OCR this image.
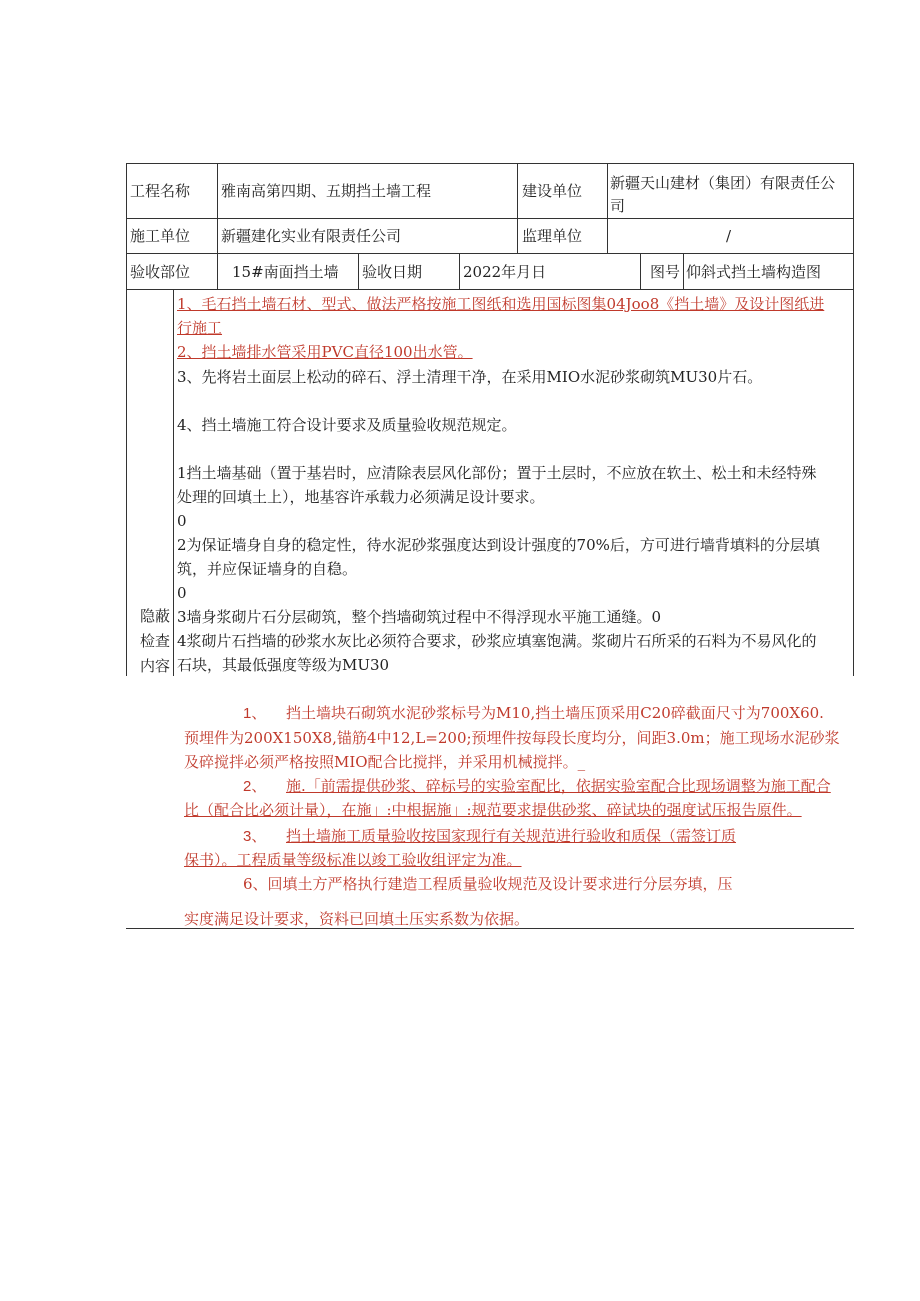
工程名称 雅南高第四期、五期挡土墙工程	建设单位 新疆天山建材（集团）有限责任公
司
施工单位 新疆建化实业有限责任公司	监理单位	/
验收部位	15#南面挡土墙 验收日期	2022年月日	图号 仰斜式挡土墙构造图
隐蔽
检查
内容
1、毛石挡土墙石材、型式、做法严格按施工图纸和选用国标图集04Joo8《挡土墙》及设计图纸进
行施工
2、挡土墙排水管采用PVC直径100出水管。
3、先将岩土面层上松动的碎石、浮土清理干净，在采用MIO水泥砂浆砌筑MU30片石。
4、挡土墙施工符合设计要求及质量验收规范规定。
1挡土墙基础（置于基岩时，应清除表层风化部份；置于土层时，不应放在软土、松土和未经特殊
处理的回填土上），地基容许承载力必须满足设计要求。
0
2为保证墙身自身的稳定性，待水泥砂浆强度达到设计强度的70%后，方可进行墙背填料的分层填
筑，并应保证墙身的自稳。
0
3墙身浆砌片石分层砌筑，整个挡墙砌筑过程中不得浮现水平施工通缝。0
4浆砌片石挡墙的砂浆水灰比必须符合要求，砂浆应填塞饱满。浆砌片石所采的石料为不易风化的
石块，其最低强度等级为MU30
1、 挡土墙块石砌筑水泥砂浆标号为M10,挡土墙压顶采用C20碎截面尺寸为700X60.
预埋件为200X150X8,锚筋4中12,L=200;预埋件按每段长度均分，间距3.0m；施工现场水泥砂浆
及碎搅拌必须严格按照MIO配合比搅拌，并采用机械搅拌。_
2、 施.「前需提供砂浆、碎标号的实验室配比，依据实验室配合比现场调整为施工配合
比（配合比必须计量），在施」:中根据施」:规范要求提供砂浆、碎试块的强度试压报告原件。
3、 挡土墙施工质量验收按国家现行有关规范进行验收和质保（需签订质
保书）。工程质量等级标准以竣工验收组评定为准。
6、回填土方严格执行建造工程质量验收规范及设计要求进行分层夯填，压
实度满足设计要求，资料已回填土压实系数为依据。
